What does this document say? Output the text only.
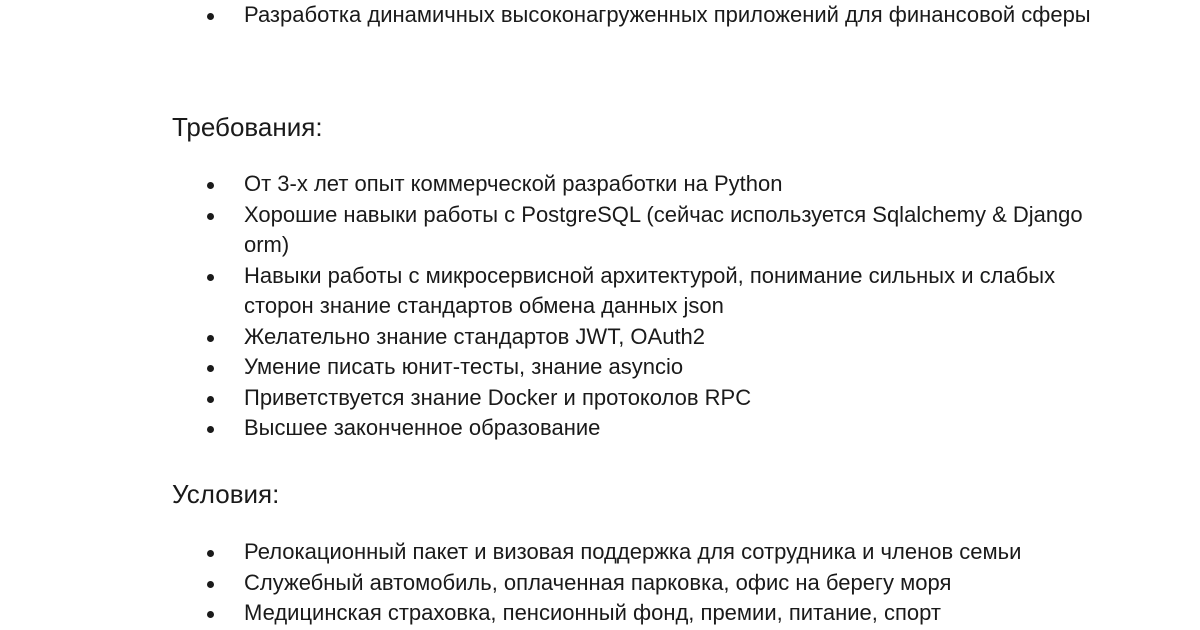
Разработка динамичных высоконагруженных приложений для финансовой сферы
Требования:
От 3-х лет опыт коммерческой разработки на Python
Хорошие навыки работы с PostgreSQL (сейчас используется Sqlalchemy & Django orm)
Навыки работы с микросервисной архитектурой, понимание сильных и слабых сторон знание стандартов обмена данных json
Желательно знание стандартов JWT, OAuth2
Умение писать юнит-тесты, знание asyncio
Приветствуется знание Docker и протоколов RPC
Высшее законченное образование
Условия:
Релокационный пакет и визовая поддержка для сотрудника и членов семьи
Служебный автомобиль, оплаченная парковка, офис на берегу моря
Медицинская страховка, пенсионный фонд, премии, питание, спорт
